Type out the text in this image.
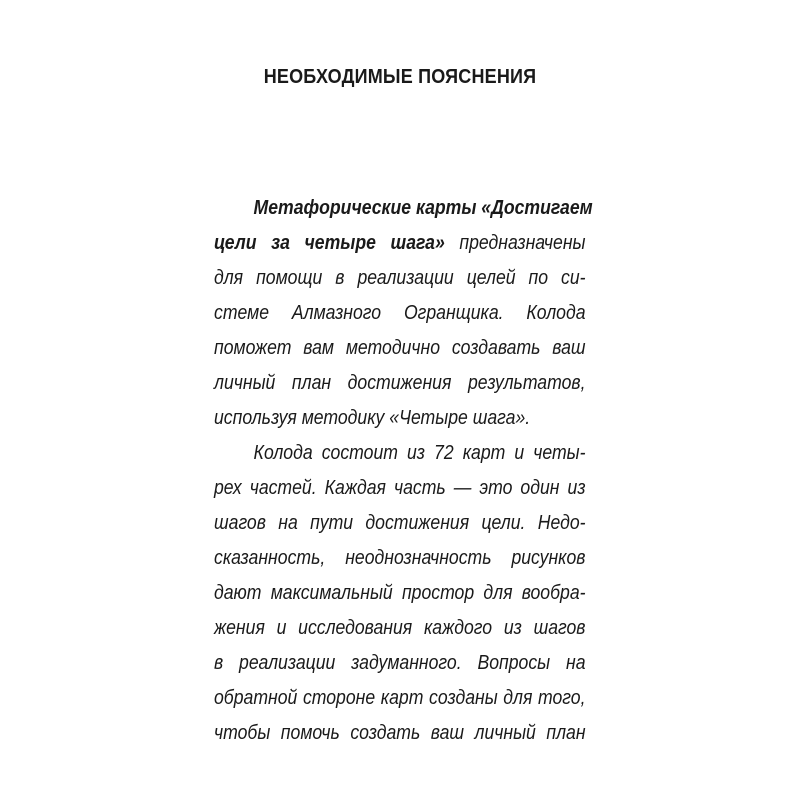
НЕОБХОДИМЫЕ ПОЯСНЕНИЯ
Метафорические карты «Достигаем
цели за четыре шага» предназначены
для помощи в реализации целей по си-
стеме Алмазного Огранщика. Колода
поможет вам методично создавать ваш
личный план достижения результатов,
используя методику «Четыре шага».
Колода состоит из 72 карт и четы-
рех частей. Каждая часть — это один из
шагов на пути достижения цели. Недо-
сказанность, неоднозначность рисунков
дают максимальный простор для вообра-
жения и исследования каждого из шагов
в реализации задуманного. Вопросы на
обратной стороне карт созданы для того,
чтобы помочь создать ваш личный план
